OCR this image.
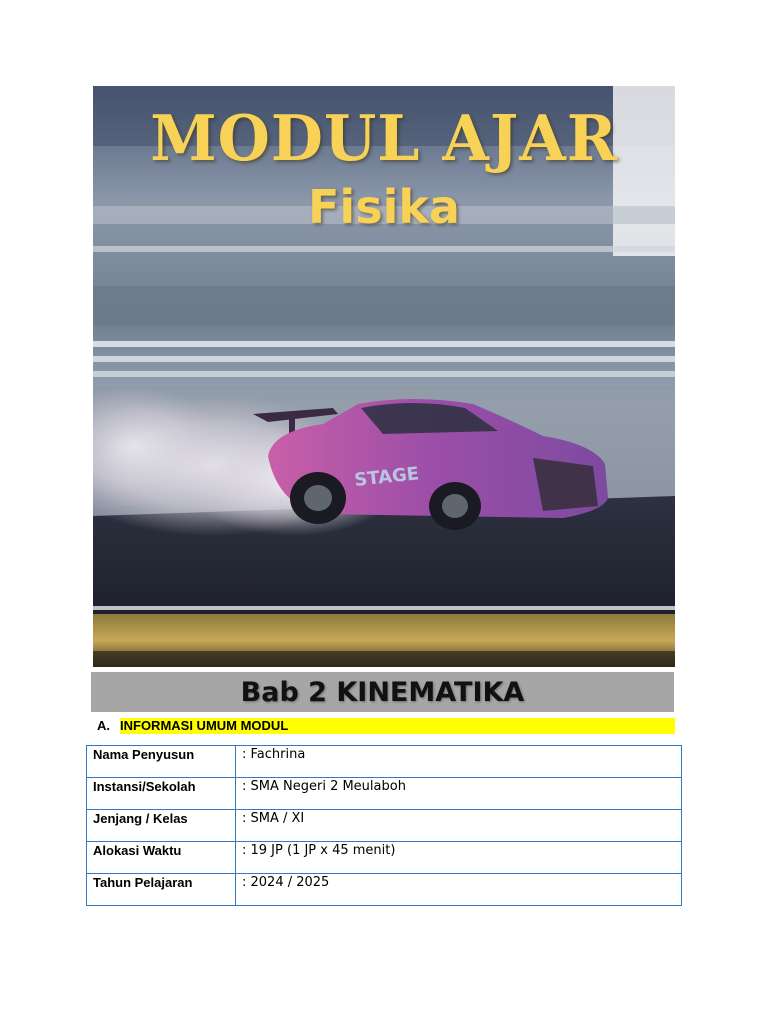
STAGE
MODUL AJAR
Fisika
Bab 2 KINEMATIKA
A. INFORMASI UMUM MODUL
Nama Penyusun	: Fachrina
Instansi/Sekolah	: SMA Negeri 2 Meulaboh
Jenjang / Kelas	: SMA / XI
Alokasi Waktu	: 19 JP (1 JP x 45 menit)
Tahun Pelajaran	: 2024 / 2025
